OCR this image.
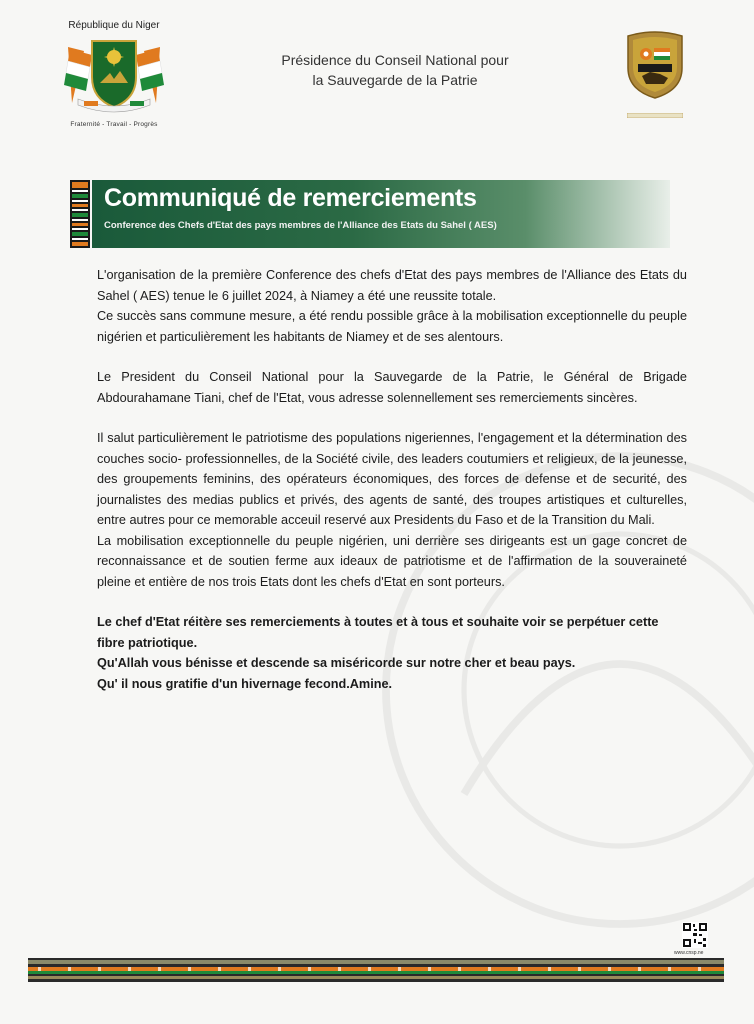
République du Niger
Fraternité - Travail - Progrès
Présidence du Conseil National pour
la Sauvegarde de la Patrie

Communiqué de remerciements
Conference des Chefs d'Etat des pays membres de l'Alliance des Etats du Sahel ( AES)
L'organisation de la première Conference des chefs d'Etat des pays membres de l'Alliance des Etats du Sahel ( AES) tenue le 6 juillet 2024, à Niamey a été une reussite totale.
Ce succès sans commune mesure, a été rendu possible grâce à la mobilisation exceptionnelle du peuple nigérien et particulièrement les habitants de Niamey et de ses alentours.
Le President du Conseil National pour la Sauvegarde de la Patrie, le Général de Brigade Abdourahamane Tiani, chef de l'Etat, vous adresse solennellement ses remerciements sincères.
Il salut particulièrement le patriotisme des populations nigeriennes, l'engagement et la détermination des couches socio- professionnelles, de la Société civile, des leaders coutumiers et religieux, de la jeunesse, des groupements feminins, des opérateurs économiques, des forces de defense et de securité, des journalistes des medias publics et privés, des agents de santé, des troupes artistiques et culturelles, entre autres pour ce memorable acceuil reservé aux Presidents du Faso et de la Transition du Mali.
La mobilisation exceptionnelle du peuple nigérien, uni derrière ses dirigeants est un gage concret de reconnaissance et de soutien ferme aux ideaux de patriotisme et de l'affirmation de la souveraineté pleine et entière de nos trois Etats dont les chefs d'Etat en sont porteurs.
Le chef d'Etat réitère ses remerciements à toutes et à tous et souhaite voir se perpétuer cette fibre patriotique.
Qu'Allah vous bénisse et descende sa miséricorde sur notre cher et beau pays.
Qu' il nous gratifie d'un hivernage fecond.Amine.
www.cnsp.ne
